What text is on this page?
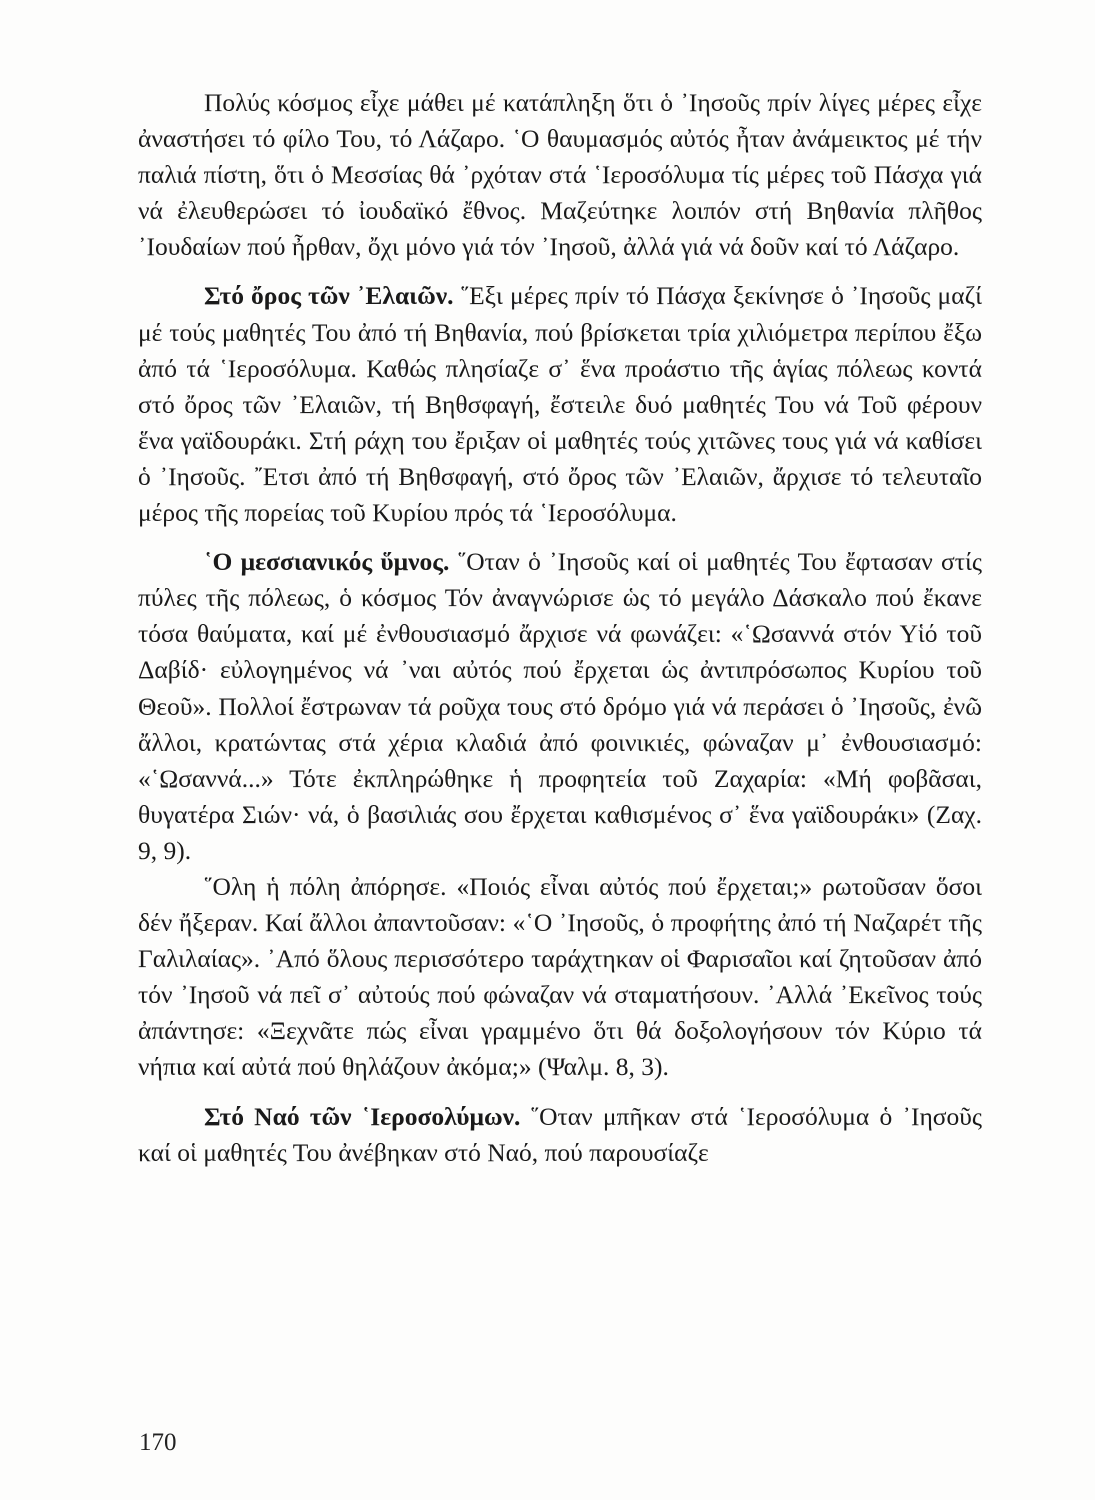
Πολύς κόσμος εἶχε μάθει μέ κατάπληξη ὅτι ὁ ᾽Ιησοῦς πρίν λίγες μέρες εἶχε ἀναστήσει τό φίλο Του, τό Λάζαρο. ῾Ο θαυμασμός αὐτός ἦταν ἀνάμεικτος μέ τήν παλιά πίστη, ὅτι ὁ Μεσσίας θά ᾽ρχόταν στά ῾Ιεροσόλυμα τίς μέρες τοῦ Πάσχα γιά νά ἐλευθερώσει τό ἰουδαϊκό ἔθνος. Μαζεύτηκε λοιπόν στή Βηθανία πλῆθος ᾽Ιουδαίων πού ἦρθαν, ὄχι μόνο γιά τόν ᾽Ιησοῦ, ἀλλά γιά νά δοῦν καί τό Λάζαρο.

Στό ὄρος τῶν ᾽Ελαιῶν. ῞Εξι μέρες πρίν τό Πάσχα ξεκίνησε ὁ ᾽Ιησοῦς μαζί μέ τούς μαθητές Του ἀπό τή Βηθανία, πού βρίσκεται τρία χιλιόμετρα περίπου ἔξω ἀπό τά ῾Ιεροσόλυμα. Καθώς πλησίαζε σ᾽ ἕνα προάστιο τῆς ἁγίας πόλεως κοντά στό ὄρος τῶν ᾽Ελαιῶν, τή Βηθσφαγή, ἔστειλε δυό μαθητές Του νά Τοῦ φέρουν ἕνα γαϊδουράκι. Στή ράχη του ἔριξαν οἱ μαθητές τούς χιτῶνες τους γιά νά καθίσει ὁ ᾽Ιησοῦς. ῎Ετσι ἀπό τή Βηθσφαγή, στό ὄρος τῶν ᾽Ελαιῶν, ἄρχισε τό τελευταῖο μέρος τῆς πορείας τοῦ Κυρίου πρός τά ῾Ιεροσόλυμα.

῾Ο μεσσιανικός ὕμνος. ῞Οταν ὁ ᾽Ιησοῦς καί οἱ μαθητές Του ἔφτασαν στίς πύλες τῆς πόλεως, ὁ κόσμος Τόν ἀναγνώρισε ὡς τό μεγάλο Δάσκαλο πού ἔκανε τόσα θαύματα, καί μέ ἐνθουσιασμό ἄρχισε νά φωνάζει: «῾Ωσαννά στόν Υἱό τοῦ Δαβίδ· εὐλογημένος νά ᾽ναι αὐτός πού ἔρχεται ὡς ἀντιπρόσωπος Κυρίου τοῦ Θεοῦ». Πολλοί ἔστρωναν τά ροῦχα τους στό δρόμο γιά νά περάσει ὁ ᾽Ιησοῦς, ἐνῶ ἄλλοι, κρατώντας στά χέρια κλαδιά ἀπό φοινικιές, φώναζαν μ᾽ ἐνθουσιασμό: «῾Ωσαννά...» Τότε ἐκπληρώθηκε ἡ προφητεία τοῦ Ζαχαρία: «Μή φοβᾶσαι, θυγατέρα Σιών· νά, ὁ βασιλιάς σου ἔρχεται καθισμένος σ᾽ ἕνα γαϊδουράκι» (Ζαχ. 9, 9).

῞Ολη ἡ πόλη ἀπόρησε. «Ποιός εἶναι αὐτός πού ἔρχεται;» ρωτοῦσαν ὅσοι δέν ἤξεραν. Καί ἄλλοι ἀπαντοῦσαν: «῾Ο ᾽Ιησοῦς, ὁ προφήτης ἀπό τή Ναζαρέτ τῆς Γαλιλαίας». ᾽Από ὅλους περισσότερο ταράχτηκαν οἱ Φαρισαῖοι καί ζητοῦσαν ἀπό τόν ᾽Ιησοῦ νά πεῖ σ᾽ αὐτούς πού φώναζαν νά σταματήσουν. ᾽Αλλά ᾽Εκεῖνος τούς ἀπάντησε: «Ξεχνᾶτε πώς εἶναι γραμμένο ὅτι θά δοξολογήσουν τόν Κύριο τά νήπια καί αὐτά πού θηλάζουν ἀκόμα;» (Ψαλμ. 8, 3).

Στό Ναό τῶν ῾Ιεροσολύμων. ῞Οταν μπῆκαν στά ῾Ιεροσόλυμα ὁ ᾽Ιησοῦς καί οἱ μαθητές Του ἀνέβηκαν στό Ναό, πού παρουσίαζε

170
